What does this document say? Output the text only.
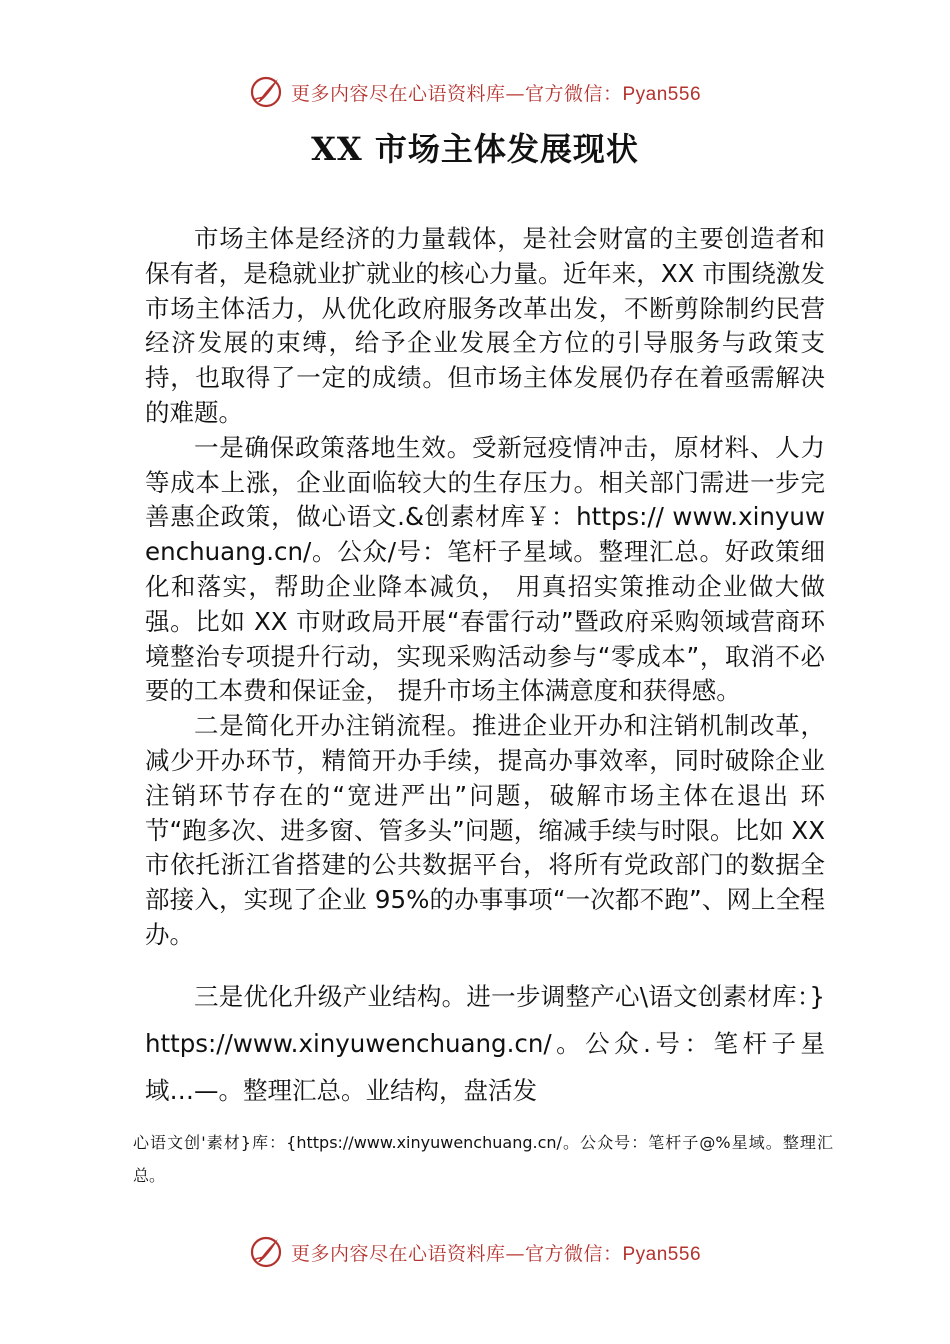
更多内容尽在心语资料库—官方微信：Pyan556
XX 市场主体发展现状

市场主体是经济的力量载体，是社会财富的主要创造者和保有者，是稳就业扩就业的核心力量。近年来，XX 市围绕激发市场主体活力，从优化政府服务改革出发，不断剪除制约民营经济发展的束缚，给予企业发展全方位的引导服务与政策支持，也取得了一定的成绩。但市场主体发展仍存在着亟需解决的难题。

一是确保政策落地生效。受新冠疫情冲击，原材料、人力等成本上涨，企业面临较大的生存压力。相关部门需进一步完善惠企政策，做心语文.&创素材库￥：https:// www.xinyuwenchuang.cn/。公众/号：笔杆子星域。整理汇总。好政策细化和落实，帮助企业降本减负， 用真招实策推动企业做大做强。比如 XX 市财政局开展“春雷行动”暨政府采购领域营商环境整治专项提升行动，实现采购活动参与“零成本”，取消不必要的工本费和保证金， 提升市场主体满意度和获得感。

二是简化开办注销流程。推进企业开办和注销机制改革，减少开办环节，精简开办手续，提高办事效率，同时破除企业注销环节存在的“宽进严出”问题，破解市场主体在退出 环节“跑多次、进多窗、管多头”问题，缩减手续与时限。比如 XX 市依托浙江省搭建的公共数据平台，将所有党政部门的数据全部接入，实现了企业 95%的办事事项“一次都不跑”、网上全程办。

三是优化升级产业结构。进一步调整产心\语文创素材库：}https://www.xinyuwenchuang.cn/。公众.号：笔杆子星域…—。整理汇总。业结构，盘活发

心语文创'素材}库：{https://www.xinyuwenchuang.cn/。公众号：笔杆子@%星域。整理汇总。

更多内容尽在心语资料库—官方微信：Pyan556
